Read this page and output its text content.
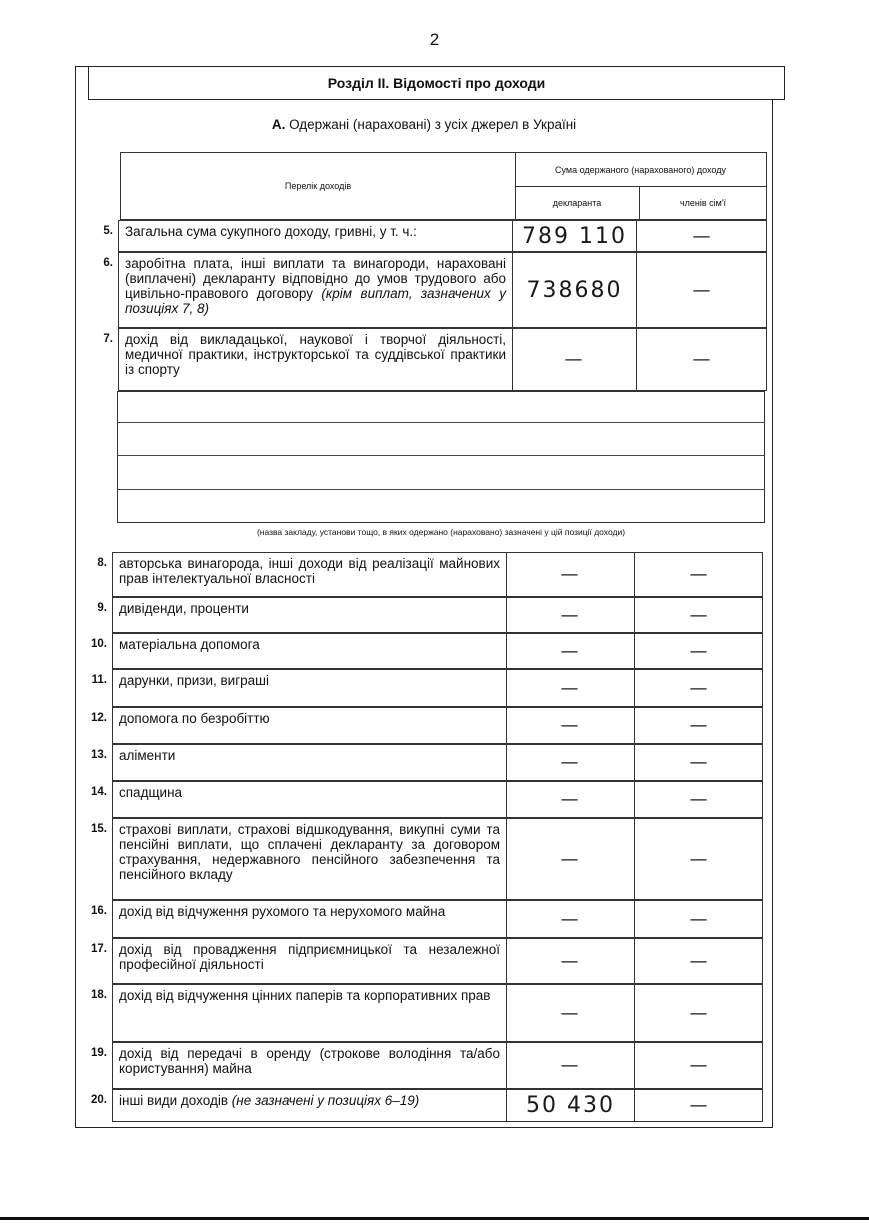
2
Розділ ІІ. Відомості про доходи
А. Одержані (нараховані) з усіх джерел в Україні
Перелік доходів
Сума одержаного (нарахованого) доходу
декларанта	членів сім'ї
5. Загальна сума сукупного доходу, гривні, у т. ч.:	789 110	—
6. заробітна плата, інші виплати та винагороди, нараховані (виплачені) декларанту відповідно до умов трудового або цивільно-правового договору (крім виплат, зазначених у позиціях 7, 8)
738680	—
7. дохід від викладацької, наукової і творчої діяльності, медичної практики, інструкторської та суддівської практики із спорту	—	—
(назва закладу, установи тощо, в яких одержано (нараховано) зазначені у цій позиції доходи)
8. авторська винагорода, інші доходи від реалізації майнових прав інтелектуальної власності	—	—
9. дивіденди, проценти	—	—
10. матеріальна допомога	—	—
11. дарунки, призи, виграші	—	—
12. допомога по безробіттю	—	—
13. аліменти	—	—
14. спадщина	—	—
15. страхові виплати, страхові відшкодування, викупні суми та пенсійні виплати, що сплачені декларанту за договором страхування, недержавного пенсійного забезпечення та пенсійного вкладу
—	—
16. дохід від відчуження рухомого та нерухомого майна	—	—
17. дохід від провадження підприємницької та незалежної професійної діяльності	—	—
18. дохід від відчуження цінних паперів та корпоративних прав
—	—
19. дохід від передачі в оренду (строкове володіння та/або користування) майна	—	—
20. інші види доходів (не зазначені у позиціях 6–19)	50 430	—
